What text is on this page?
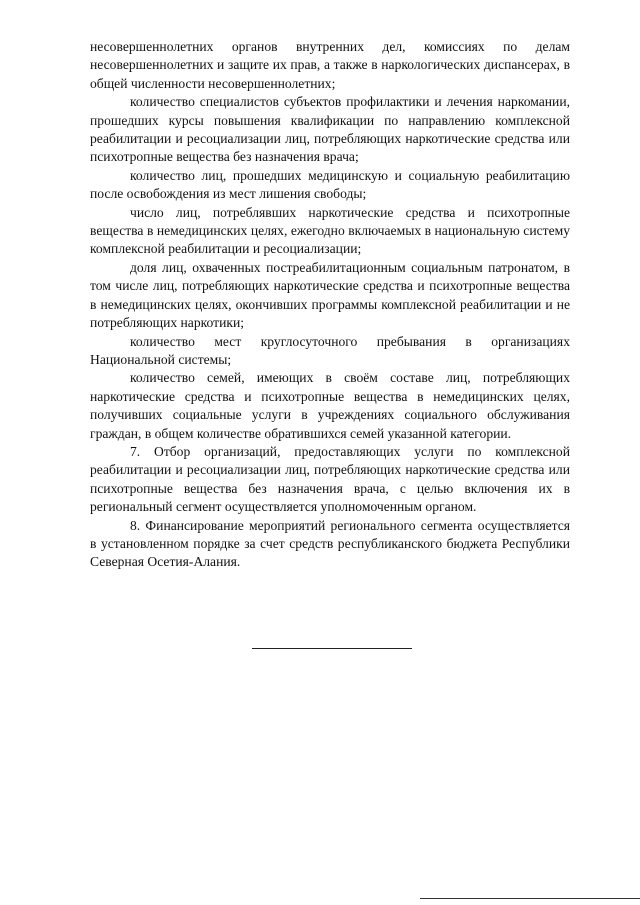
несовершеннолетних органов внутренних дел, комиссиях по делам несовершеннолетних и защите их прав, а также в наркологических диспансерах, в общей численности несовершеннолетних;

количество специалистов субъектов профилактики и лечения наркомании, прошедших курсы повышения квалификации по направлению комплексной реабилитации и ресоциализации лиц, потребляющих наркотические средства или психотропные вещества без назначения врача;

количество лиц, прошедших медицинскую и социальную реабилитацию после освобождения из мест лишения свободы;

число лиц, потреблявших наркотические средства и психотропные вещества в немедицинских целях, ежегодно включаемых в национальную систему комплексной реабилитации и ресоциализации;

доля лиц, охваченных постреабилитационным социальным патронатом, в том числе лиц, потребляющих наркотические средства и психотропные вещества в немедицинских целях, окончивших программы комплексной реабилитации и не потребляющих наркотики;

количество мест круглосуточного пребывания в организациях Национальной системы;

количество семей, имеющих в своём составе лиц, потребляющих наркотические средства и психотропные вещества в немедицинских целях, получивших социальные услуги в учреждениях социального обслуживания граждан, в общем количестве обратившихся семей указанной категории.

7. Отбор организаций, предоставляющих услуги по комплексной реабилитации и ресоциализации лиц, потребляющих наркотические средства или психотропные вещества без назначения врача, с целью включения их в региональный сегмент осуществляется уполномоченным органом.

8. Финансирование мероприятий регионального сегмента осуществляется в установленном порядке за счет средств республиканского бюджета Республики Северная Осетия-Алания.
